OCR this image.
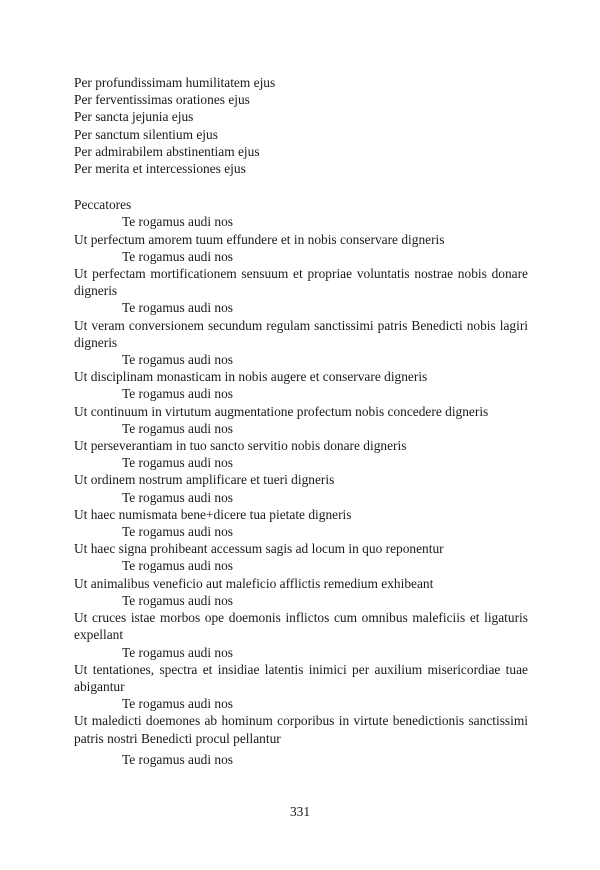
Per profundissimam humilitatem ejus

Per ferventissimas orationes ejus

Per sancta jejunia ejus

Per sanctum silentium ejus

Per admirabilem abstinentiam ejus

Per merita et intercessiones ejus

Peccatores

Te rogamus audi nos

Ut perfectum amorem tuum effundere et in nobis conservare digneris

Te rogamus audi nos

Ut perfectam mortificationem sensuum et propriae voluntatis nostrae nobis donare digneris

Te rogamus audi nos

Ut veram conversionem secundum regulam sanctissimi patris Benedicti nobis lagiri digneris

Te rogamus audi nos

Ut disciplinam monasticam in nobis augere et conservare digneris

Te rogamus audi nos

Ut continuum in virtutum augmentatione profectum nobis concedere digneris

Te rogamus audi nos

Ut perseverantiam in tuo sancto servitio nobis donare digneris

Te rogamus audi nos

Ut ordinem nostrum amplificare et tueri digneris

Te rogamus audi nos

Ut haec numismata bene+dicere tua pietate digneris

Te rogamus audi nos

Ut haec signa prohibeant accessum sagis ad locum in quo reponentur

Te rogamus audi nos

Ut animalibus veneficio aut maleficio afflictis remedium exhibeant

Te rogamus audi nos

Ut cruces istae morbos ope doemonis inflictos cum omnibus maleficiis et ligaturis expellant

Te rogamus audi nos

Ut tentationes, spectra et insidiae latentis inimici per auxilium misericordiae tuae abigantur

Te rogamus audi nos

Ut maledicti doemones ab hominum corporibus in virtute benedictionis sanctissimi patris nostri Benedicti procul pellantur

Te rogamus audi nos

331
